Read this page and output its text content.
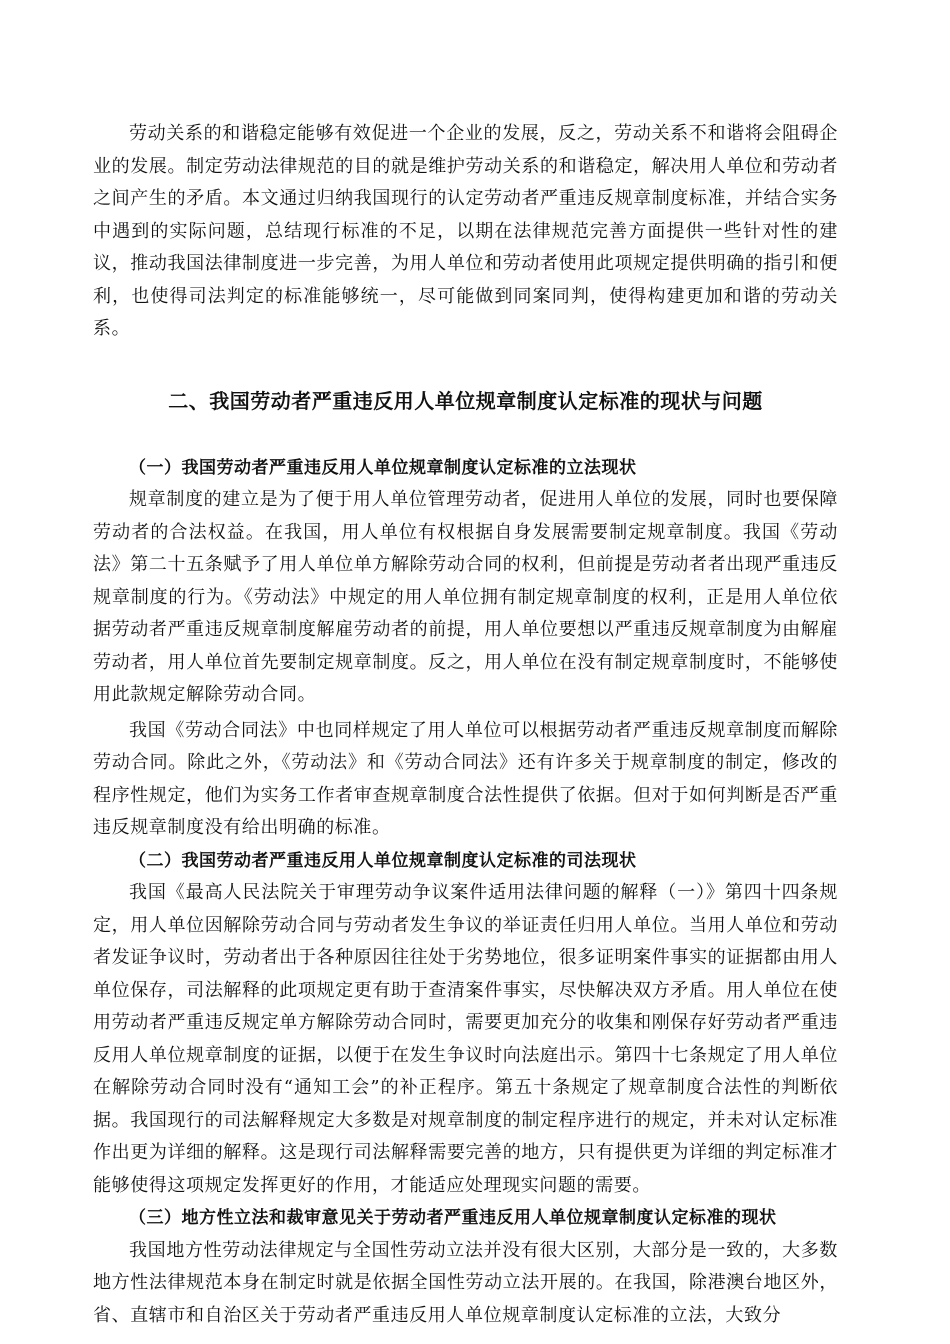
劳动关系的和谐稳定能够有效促进一个企业的发展，反之，劳动关系不和谐将会阻碍企业的发展。制定劳动法律规范的目的就是维护劳动关系的和谐稳定，解决用人单位和劳动者之间产生的矛盾。本文通过归纳我国现行的认定劳动者严重违反规章制度标准，并结合实务中遇到的实际问题，总结现行标准的不足，以期在法律规范完善方面提供一些针对性的建议，推动我国法律制度进一步完善，为用人单位和劳动者使用此项规定提供明确的指引和便利，也使得司法判定的标准能够统一，尽可能做到同案同判，使得构建更加和谐的劳动关系。

二、我国劳动者严重违反用人单位规章制度认定标准的现状与问题
（一）我国劳动者严重违反用人单位规章制度认定标准的立法现状

规章制度的建立是为了便于用人单位管理劳动者，促进用人单位的发展，同时也要保障劳动者的合法权益。在我国，用人单位有权根据自身发展需要制定规章制度。我国《劳动法》第二十五条赋予了用人单位单方解除劳动合同的权利，但前提是劳动者者出现严重违反规章制度的行为。《劳动法》中规定的用人单位拥有制定规章制度的权利，正是用人单位依据劳动者严重违反规章制度解雇劳动者的前提，用人单位要想以严重违反规章制度为由解雇劳动者，用人单位首先要制定规章制度。反之，用人单位在没有制定规章制度时，不能够使用此款规定解除劳动合同。

我国《劳动合同法》中也同样规定了用人单位可以根据劳动者严重违反规章制度而解除劳动合同。除此之外，《劳动法》和《劳动合同法》还有许多关于规章制度的制定，修改的程序性规定，他们为实务工作者审查规章制度合法性提供了依据。但对于如何判断是否严重违反规章制度没有给出明确的标准。

（二）我国劳动者严重违反用人单位规章制度认定标准的司法现状

我国《最高人民法院关于审理劳动争议案件适用法律问题的解释（一）》第四十四条规定，用人单位因解除劳动合同与劳动者发生争议的举证责任归用人单位。当用人单位和劳动者发证争议时，劳动者出于各种原因往往处于劣势地位，很多证明案件事实的证据都由用人单位保存，司法解释的此项规定更有助于查清案件事实，尽快解决双方矛盾。用人单位在使用劳动者严重违反规定单方解除劳动合同时，需要更加充分的收集和刚保存好劳动者严重违反用人单位规章制度的证据，以便于在发生争议时向法庭出示。第四十七条规定了用人单位在解除劳动合同时没有“通知工会”的补正程序。第五十条规定了规章制度合法性的判断依据。我国现行的司法解释规定大多数是对规章制度的制定程序进行的规定，并未对认定标准作出更为详细的解释。这是现行司法解释需要完善的地方，只有提供更为详细的判定标准才能够使得这项规定发挥更好的作用，才能适应处理现实问题的需要。

（三）地方性立法和裁审意见关于劳动者严重违反用人单位规章制度认定标准的现状

我国地方性劳动法律规定与全国性劳动立法并没有很大区别，大部分是一致的，大多数地方性法律规范本身在制定时就是依据全国性劳动立法开展的。在我国，除港澳台地区外，省、直辖市和自治区关于劳动者严重违反用人单位规章制度认定标准的立法，大致分
